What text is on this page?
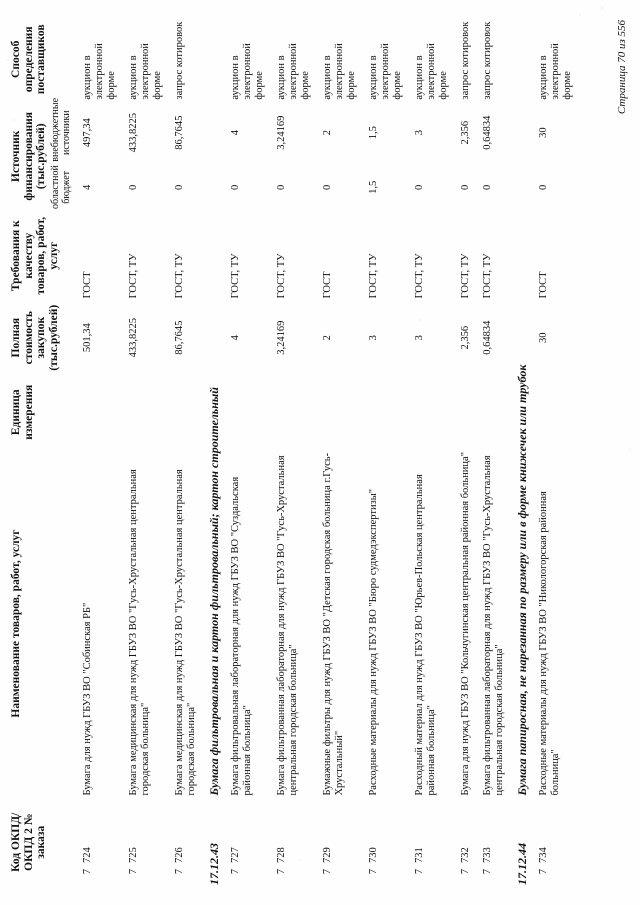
Код ОКПД/ ОКПД 2 № заказа	Наименование товаров, работ, услуг	Единица измерения	Полная стоимость закупок (тыс.рублей)	Требования к качеству товаров, работ, услуг	Источник финансирования (тыс.рублей)		Способ определения поставщиков
					областной бюджет	внебюджетные источники	

7724	Бумага для нужд ГБУЗ ВО "Собинская РБ"		501,34	ГОСТ	4	497,34	аукцион в электронной форме

7725	Бумага медицинская для нужд ГБУЗ ВО "Гусь-Хрустальная центральная городская больница"		433,8225	ГОСТ, ТУ	0	433,8225	аукцион в электронной форме

7726	Бумага медицинская для нужд ГБУЗ ВО "Гусь-Хрустальная центральная городская больница"		86,7645	ГОСТ, ТУ	0	86,7645	запрос котировок

17.12.43	Бумага фильтровальная и картон фильтровальный; картон строительный						

7727	Бумага фильтровальная лабораторная для нужд ГБУЗ ВО "Суздальская районная больница"		4	ГОСТ, ТУ	0	4	аукцион в электронной форме

7728	Бумага фильтрованная лабораторная для нужд ГБУЗ ВО "Гусь-Хрустальная центральная городская больница"		3,24169	ГОСТ, ТУ	0	3,24169	аукцион в электронной форме

7729	Бумажные фильтры для нужд ГБУЗ ВО "Детская городская больница г.Гусь-Хрустальный"		2	ГОСТ	0	2	аукцион в электронной форме

7730	Расходные материалы для нужд ГБУЗ ВО "Бюро судмедэкспертизы"		3	ГОСТ, ТУ	1,5	1,5	аукцион в электронной форме

7731	Расходный материал для нужд ГБУЗ ВО "Юрьев-Польская центральная районная больница"		3	ГОСТ, ТУ	0	3	аукцион в электронной форме

7732	Бумага для нужд ГБУЗ ВО "Кольчугинская центральная районная больница"		2,356	ГОСТ, ТУ	0	2,356	запрос котировок

7733	Бумага фильтрованная лабораторная для нужд ГБУЗ ВО "Гусь-Хрустальная центральная городская больница"		0,64834	ГОСТ, ТУ	0	0,64834	запрос котировок

17.12.44	Бумага папиросная, не нарезанная по размеру или в форме книжечек или трубок						

7734	Расходные материалы для нужд ГБУЗ ВО "Никологорская районная больница"		30	ГОСТ	0	30	аукцион в электронной форме	Страница 70 из 556
